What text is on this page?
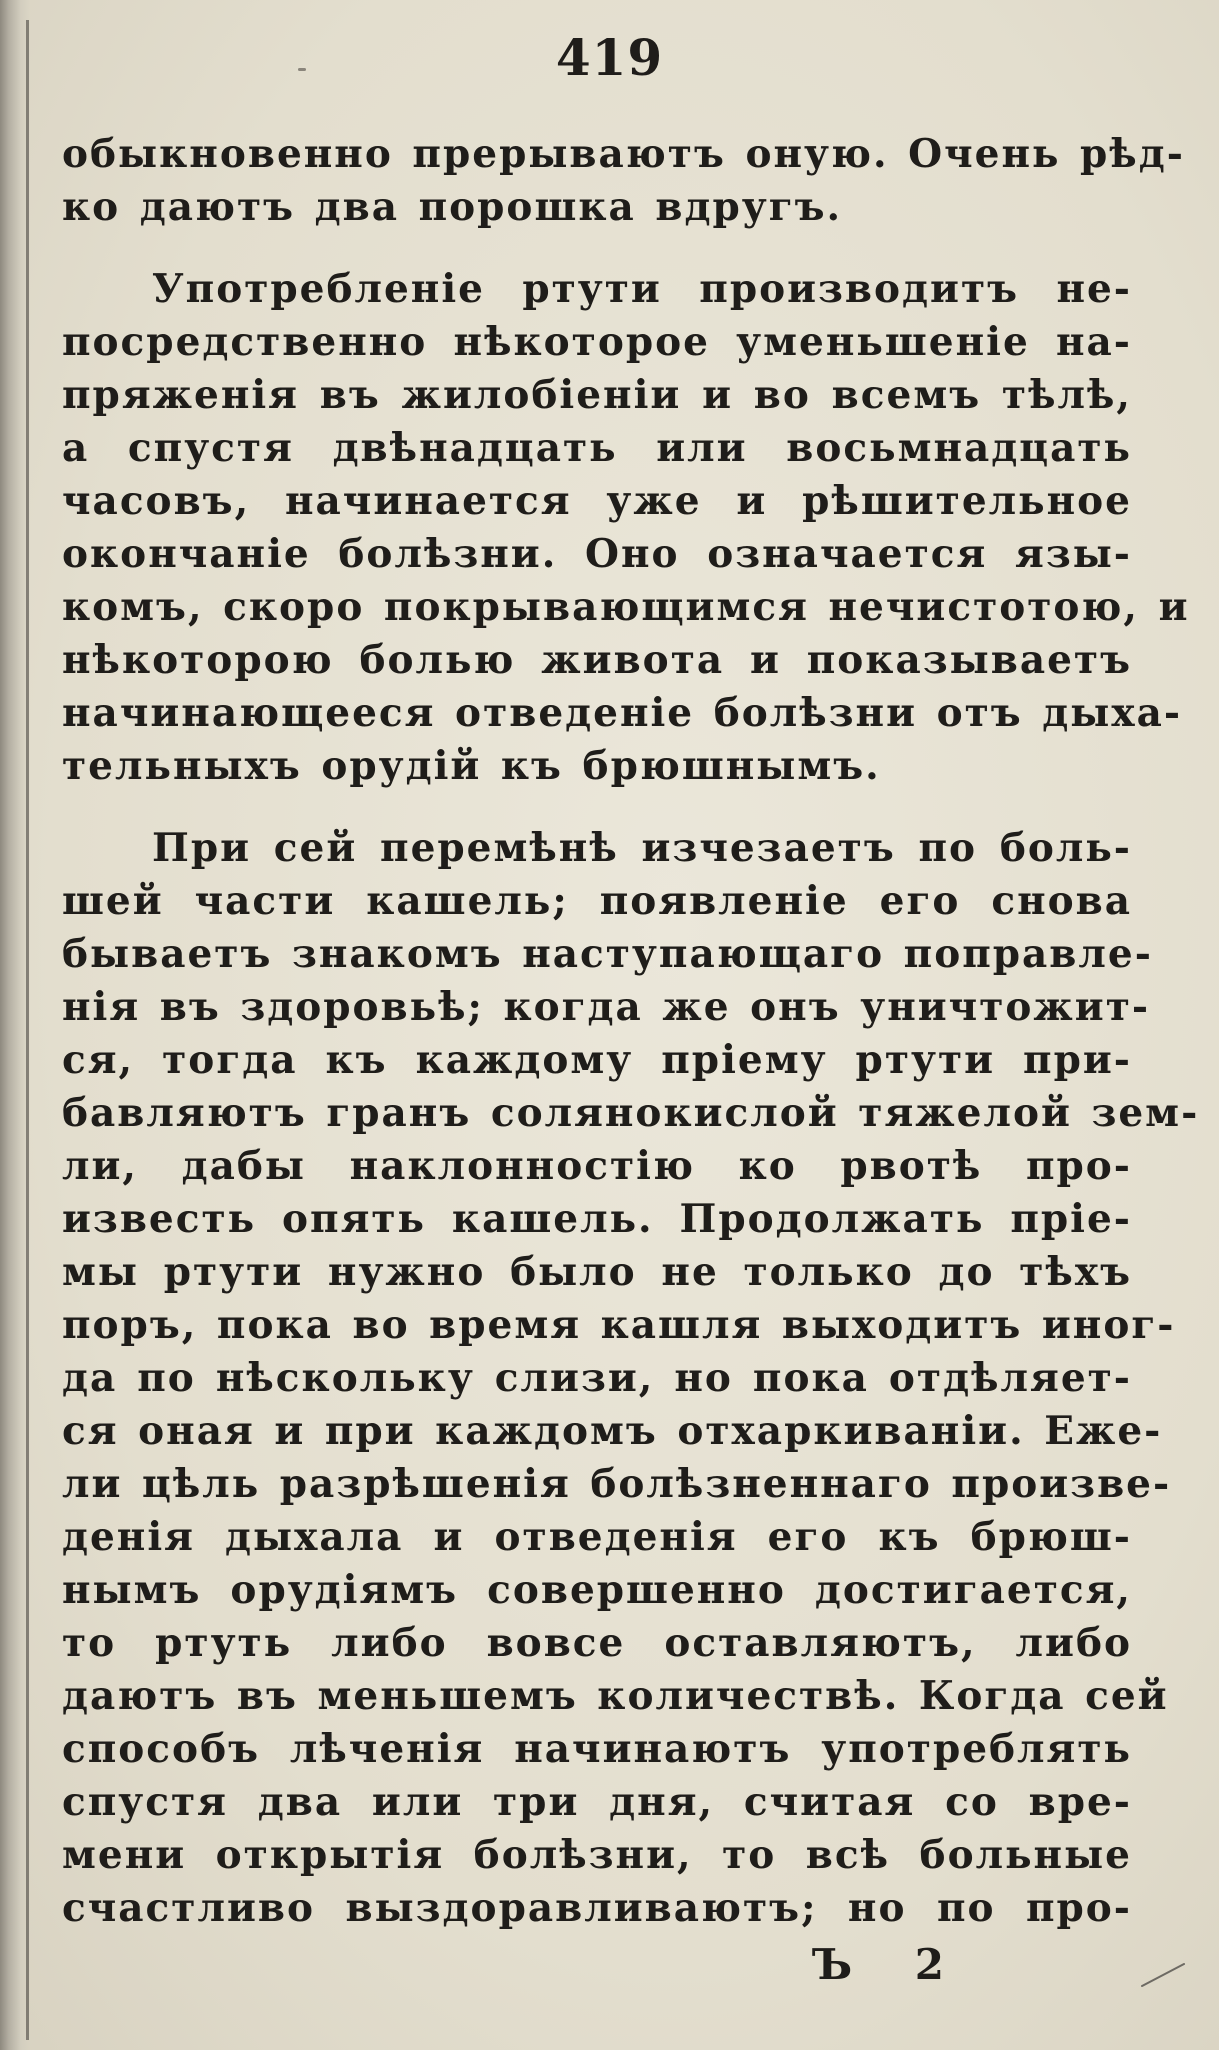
419
обыкновенно прерываютъ оную. Очень рѣд-
ко даютъ два порошка вдругъ.
Употребленіе ртути производитъ не-
посредственно нѣкоторое уменьшеніе на-
пряженія въ жилобіеніи и во всемъ тѣлѣ,
а спустя двѣнадцать или восьмнадцать
часовъ, начинается уже и рѣшительное
окончаніе болѣзни. Оно означается язы-
комъ, скоро покрывающимся нечистотою, и
нѣкоторою болью живота и показываетъ
начинающееся отведеніе болѣзни отъ дыха-
тельныхъ орудій къ брюшнымъ.
При сей перемѣнѣ изчезаетъ по боль-
шей части кашель; появленіе его снова
бываетъ знакомъ наступающаго поправле-
нія въ здоровьѣ; когда же онъ уничтожит-
ся, тогда къ каждому пріему ртути при-
бавляютъ гранъ солянокислой тяжелой зем-
ли, дабы наклонностію ко рвотѣ про-
известь опять кашель. Продолжать пріе-
мы ртути нужно было не только до тѣхъ
поръ, пока во время кашля выходитъ иног-
да по нѣскольку слизи, но пока отдѣляет-
ся оная и при каждомъ отхаркиваніи. Еже-
ли цѣль разрѣшенія болѣзненнаго произве-
денія дыхала и отведенія его къ брюш-
нымъ орудіямъ совершенно достигается,
то ртуть либо вовсе оставляютъ, либо
даютъ въ меньшемъ количествѣ. Когда сей
способъ лѣченія начинаютъ употреблять
спустя два или три дня, считая со вре-
мени открытія болѣзни, то всѣ больные
счастливо выздоравливаютъ; но по про-
Ъ 2
